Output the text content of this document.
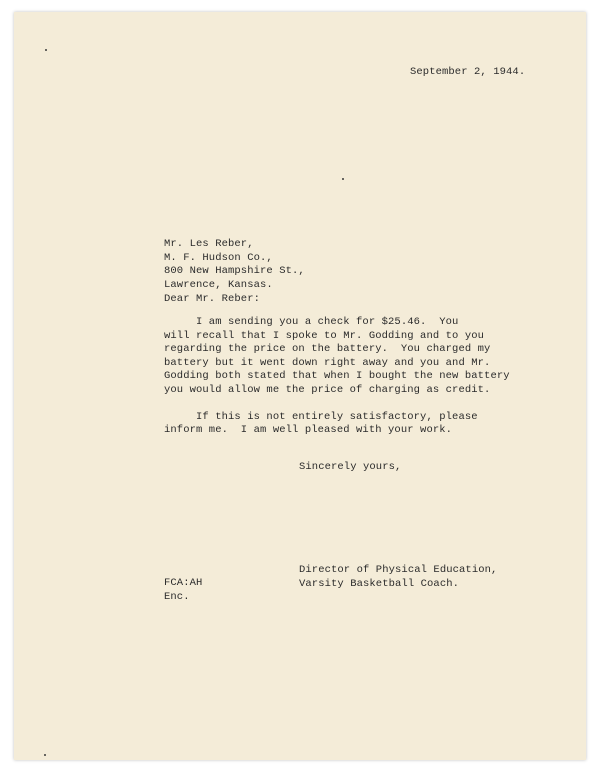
September 2, 1944.
Mr. Les Reber,
M. F. Hudson Co.,
800 New Hampshire St.,
Lawrence, Kansas.
Dear Mr. Reber:
I am sending you a check for $25.46.  You
will recall that I spoke to Mr. Godding and to you
regarding the price on the battery.  You charged my
battery but it went down right away and you and Mr.
Godding both stated that when I bought the new battery
you would allow me the price of charging as credit.

If this is not entirely satisfactory, please
inform me.  I am well pleased with your work.
Sincerely yours,
Director of Physical Education,
Varsity Basketball Coach.
FCA:AH
Enc.
